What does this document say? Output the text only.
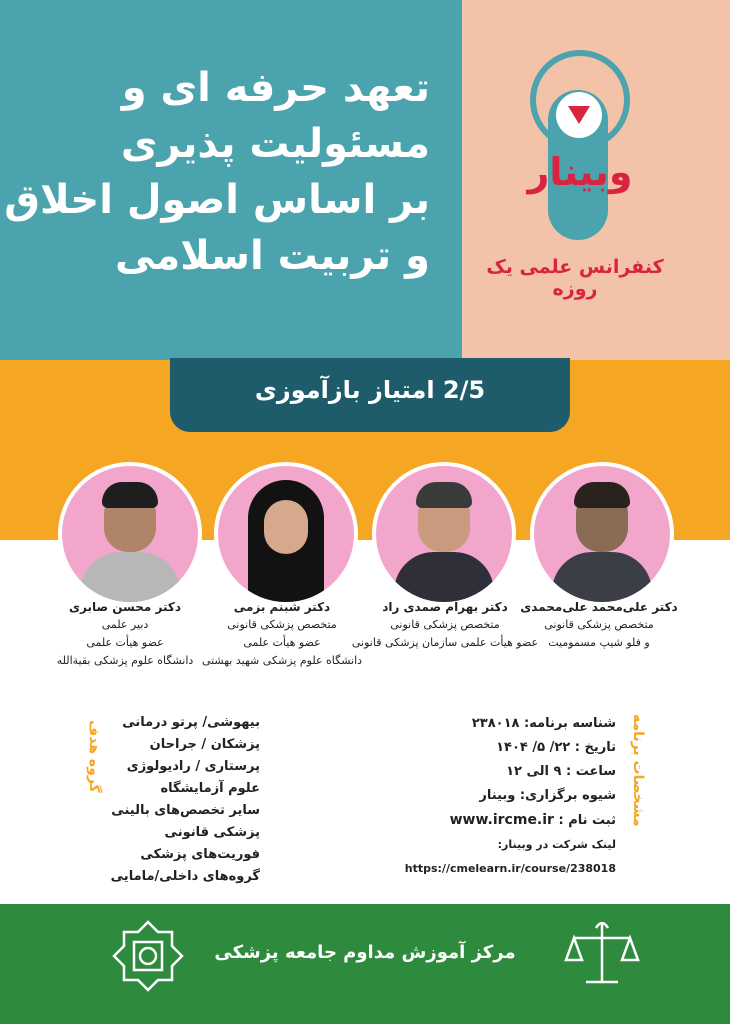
تعهد حرفه ای و
مسئولیت پذیری
بر اساس اصول اخلاق
و تربیت اسلامی
وبینار
کنفرانس علمی یک روزه
2/5 امتیاز بازآموزی
دکتر علی‌محمد علی‌محمدی
متخصص پزشکی قانونی
و فلو شیپ مسمومیت
دکتر بهرام صمدی راد
متخصص پزشکی قانونی
عضو هیأت علمی سازمان پزشکی قانونی
دکتر شبنم بزمی
متخصص پزشکی قانونی
عضو هیأت علمی
دانشگاه علوم پزشکی شهید بهشتی
دکتر محسن صابری
دبیر علمی
عضو هیأت علمی
دانشگاه علوم پزشکی بقیة‌الله
گروه هدف	بیهوشی/ پرتو درمانی
پزشکان / جراحان
پرستاری / رادیولوژی
علوم آزمایشگاه
سایر تخصص‌های بالینی
پزشکی قانونی
فوریت‌های پزشکی
گروه‌های داخلی/مامایی
مشخصات برنامه
شناسه برنامه: ۲۳۸۰۱۸
تاریخ : ۲۲/ ۵/ ۱۴۰۴
ساعت : ۹ الی ۱۲
شیوه برگزاری: وبینار
ثبت نام : www.ircme.ir
لینک شرکت در وبینار:
https://cmelearn.ir/course/238018
مرکز آموزش مداوم جامعه پزشکی
